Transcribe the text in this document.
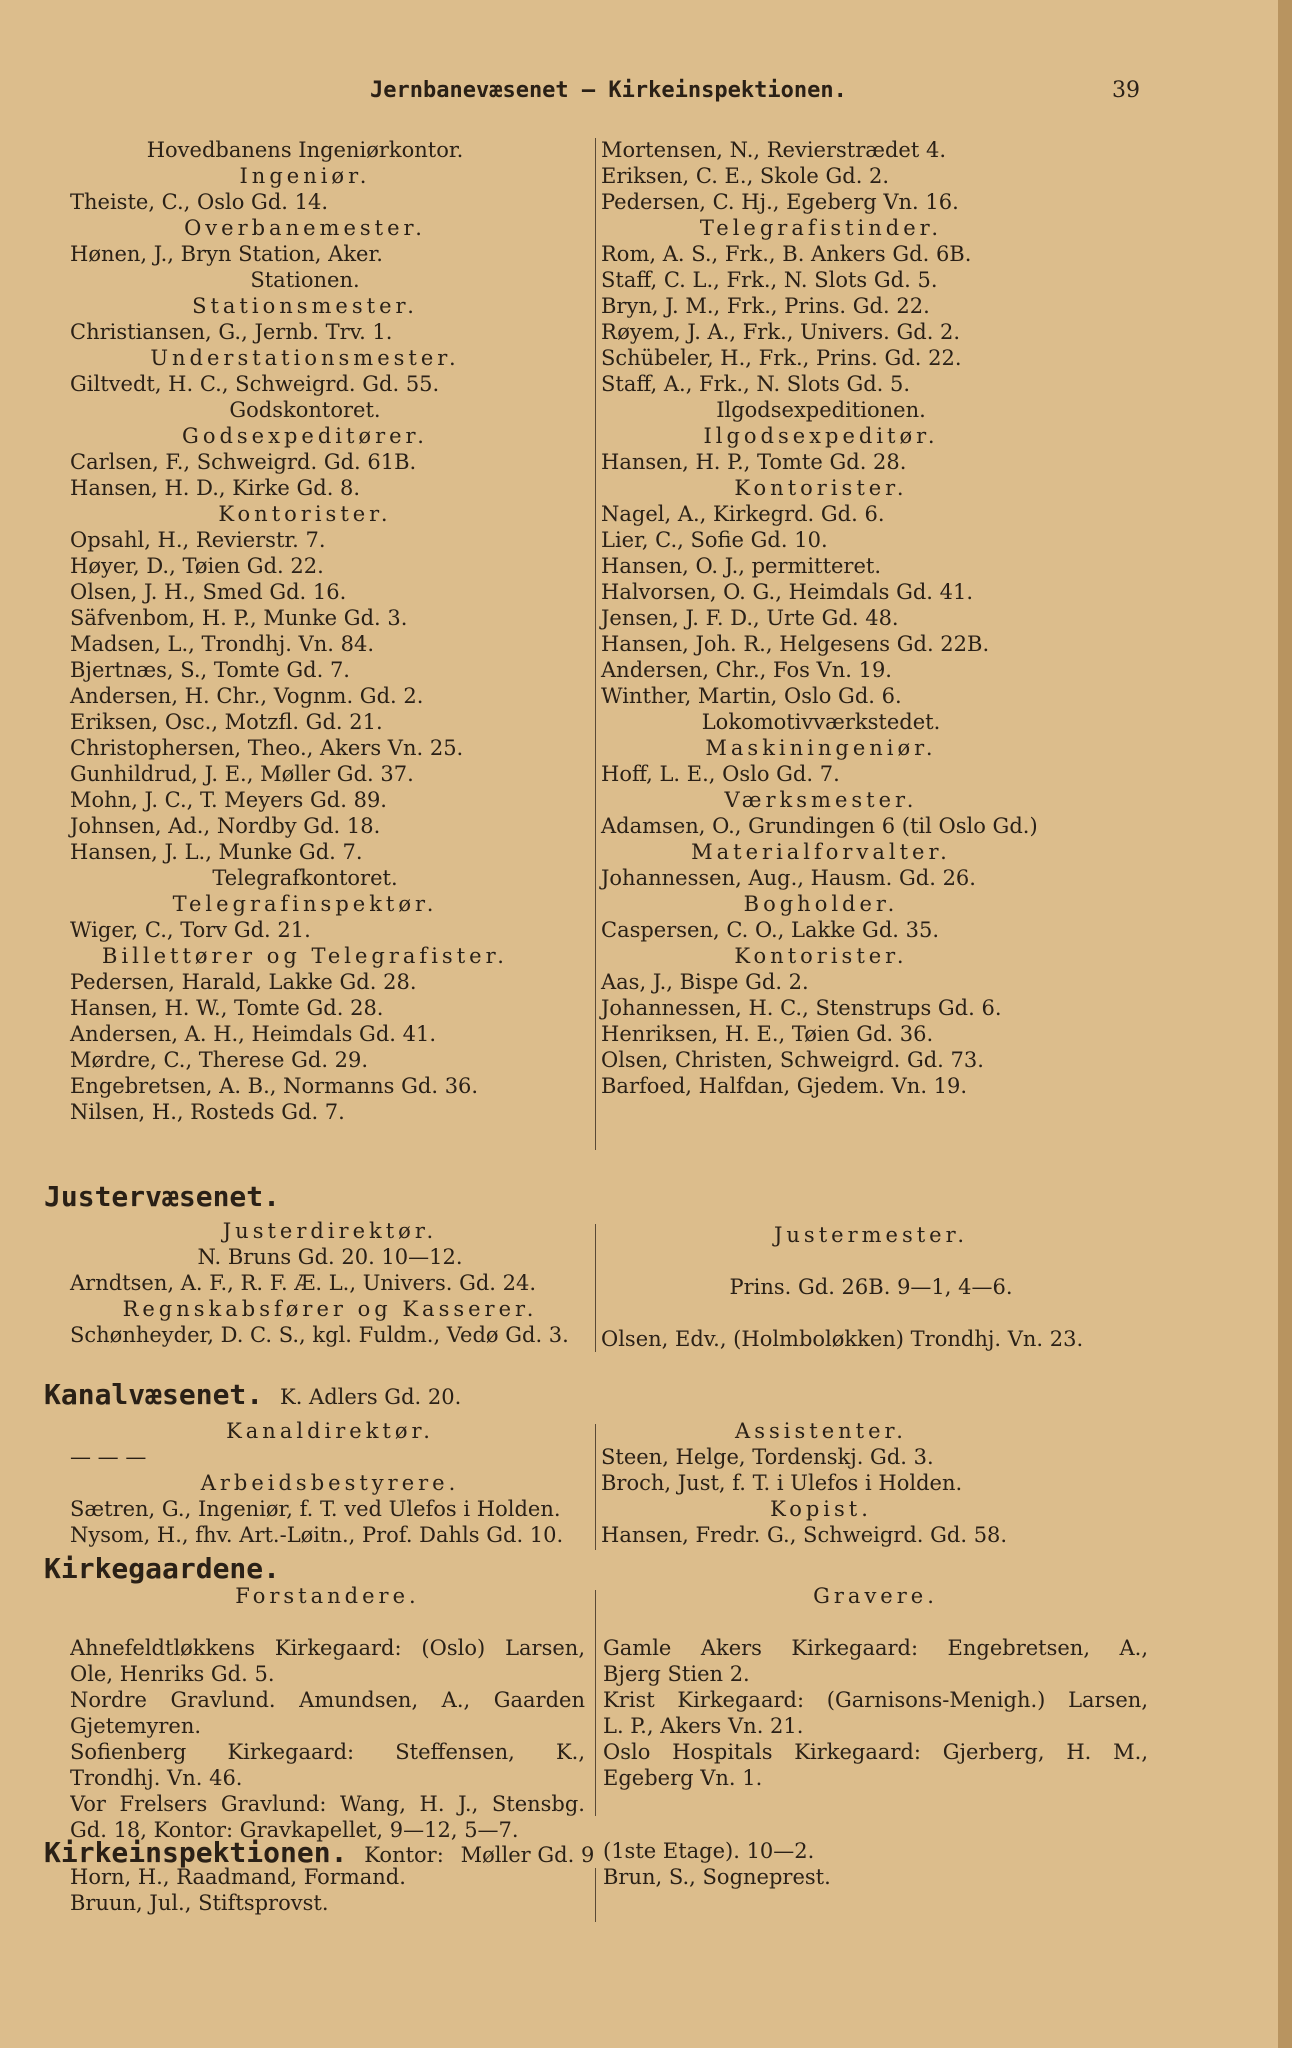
Jernbanevæsenet — Kirkeinspektionen.	39
Hovedbanens Ingeniørkontor.
Ingeniør.
Theiste, C., Oslo Gd. 14.
Overbanemester.
Hønen, J., Bryn Station, Aker.
Stationen.
Stationsmester.
Christiansen, G., Jernb. Trv. 1.
Understationsmester.
Giltvedt, H. C., Schweigrd. Gd. 55.
Godskontoret.
Godsexpeditører.
Carlsen, F., Schweigrd. Gd. 61B.
Hansen, H. D., Kirke Gd. 8.
Kontorister.
Opsahl, H., Revierstr. 7.
Høyer, D., Tøien Gd. 22.
Olsen, J. H., Smed Gd. 16.
Säfvenbom, H. P., Munke Gd. 3.
Madsen, L., Trondhj. Vn. 84.
Bjertnæs, S., Tomte Gd. 7.
Andersen, H. Chr., Vognm. Gd. 2.
Eriksen, Osc., Motzfl. Gd. 21.
Christophersen, Theo., Akers Vn. 25.
Gunhildrud, J. E., Møller Gd. 37.
Mohn, J. C., T. Meyers Gd. 89.
Johnsen, Ad., Nordby Gd. 18.
Hansen, J. L., Munke Gd. 7.
Telegrafkontoret.
Telegrafinspektør.
Wiger, C., Torv Gd. 21.
Billettører og Telegrafister.
Pedersen, Harald, Lakke Gd. 28.
Hansen, H. W., Tomte Gd. 28.
Andersen, A. H., Heimdals Gd. 41.
Mørdre, C., Therese Gd. 29.
Engebretsen, A. B., Normanns Gd. 36.
Nilsen, H., Rosteds Gd. 7.
Mortensen, N., Revierstrædet 4.
Eriksen, C. E., Skole Gd. 2.
Pedersen, C. Hj., Egeberg Vn. 16.
Telegrafistinder.
Rom, A. S., Frk., B. Ankers Gd. 6B.
Staff, C. L., Frk., N. Slots Gd. 5.
Bryn, J. M., Frk., Prins. Gd. 22.
Røyem, J. A., Frk., Univers. Gd. 2.
Schübeler, H., Frk., Prins. Gd. 22.
Staff, A., Frk., N. Slots Gd. 5.
Ilgodsexpeditionen.
Ilgodsexpeditør.
Hansen, H. P., Tomte Gd. 28.
Kontorister.
Nagel, A., Kirkegrd. Gd. 6.
Lier, C., Sofie Gd. 10.
Hansen, O. J., permitteret.
Halvorsen, O. G., Heimdals Gd. 41.
Jensen, J. F. D., Urte Gd. 48.
Hansen, Joh. R., Helgesens Gd. 22B.
Andersen, Chr., Fos Vn. 19.
Winther, Martin, Oslo Gd. 6.
Lokomotivværkstedet.
Maskiningeniør.
Hoff, L. E., Oslo Gd. 7.
Værksmester.
Adamsen, O., Grundingen 6 (til Oslo Gd.)
Materialforvalter.
Johannessen, Aug., Hausm. Gd. 26.
Bogholder.
Caspersen, C. O., Lakke Gd. 35.
Kontorister.
Aas, J., Bispe Gd. 2.
Johannessen, H. C., Stenstrups Gd. 6.
Henriksen, H. E., Tøien Gd. 36.
Olsen, Christen, Schweigrd. Gd. 73.
Barfoed, Halfdan, Gjedem. Vn. 19.
Justervæsenet.
Justerdirektør.
N. Bruns Gd. 20. 10—12.
Arndtsen, A. F., R. F. Æ. L., Univers. Gd. 24.
Regnskabsfører og Kasserer.
Schønheyder, D. C. S., kgl. Fuldm., Vedø Gd. 3.
Justermester.
Prins. Gd. 26B. 9—1, 4—6.
Olsen, Edv., (Holmboløkken) Trondhj. Vn. 23.
Kanalvæsenet. K. Adlers Gd. 20.
Kanaldirektør.
— — —
Arbeidsbestyrere.
Sætren, G., Ingeniør, f. T. ved Ulefos i Holden.
Nysom, H., fhv. Art.-Løitn., Prof. Dahls Gd. 10.
Assistenter.
Steen, Helge, Tordenskj. Gd. 3.
Broch, Just, f. T. i Ulefos i Holden.
Kopist.
Hansen, Fredr. G., Schweigrd. Gd. 58.
Kirkegaardene.
Forstandere.
Ahnefeldtløkkens Kirkegaard: (Oslo) Larsen,
Ole, Henriks Gd. 5.
Nordre Gravlund. Amundsen, A., Gaarden
Gjetemyren.
Sofienberg Kirkegaard: Steffensen, K.,
Trondhj. Vn. 46.
Vor Frelsers Gravlund: Wang, H. J., Stensbg.
Gd. 18, Kontor: Gravkapellet, 9—12, 5—7.
Gravere.
Gamle Akers Kirkegaard: Engebretsen, A.,
Bjerg Stien 2.
Krist Kirkegaard: (Garnisons-Menigh.) Larsen,
L. P., Akers Vn. 21.
Oslo Hospitals Kirkegaard: Gjerberg, H. M.,
Egeberg Vn. 1.
Kirkeinspektionen. Kontor: Møller Gd. 9 (1ste Etage). 10—2.
Horn, H., Raadmand, Formand.
Bruun, Jul., Stiftsprovst.
Brun, S., Sogneprest.
